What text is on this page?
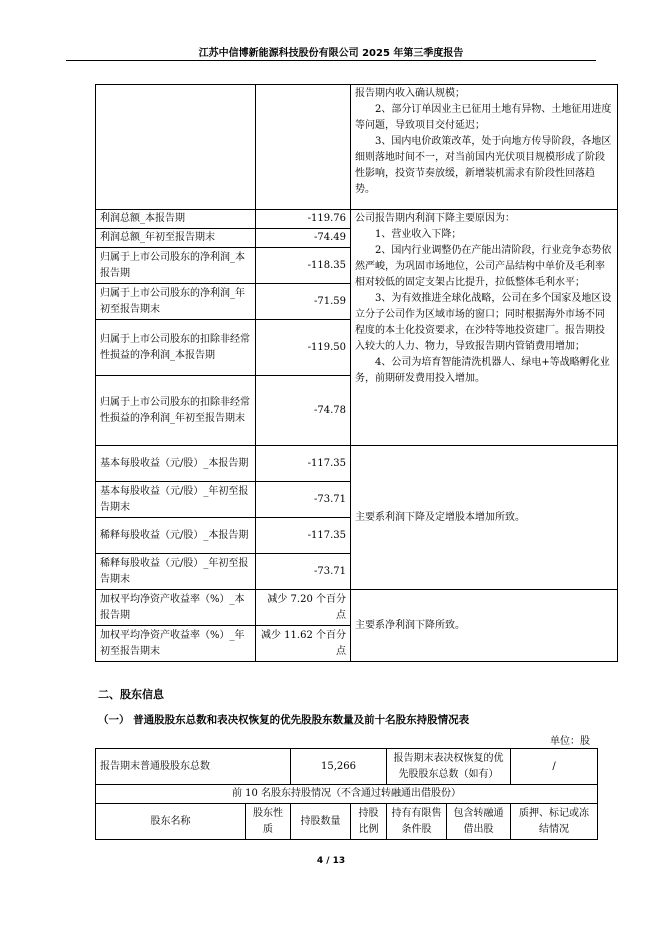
江苏中信博新能源科技股份有限公司 2025 年第三季度报告

		报告期内收入确认规模；
2、部分订单因业主已征用土地有异物、土地征用进度等问题，导致项目交付延迟；
3、国内电价政策改革，处于向地方传导阶段，各地区细则落地时间不一，对当前国内光伏项目规模形成了阶段性影响，投资节奏放缓，新增装机需求有阶段性回落趋势。

利润总额_本报告期	-119.76	公司报告期内利润下降主要原因为：
1、营业收入下降；
2、国内行业调整仍在产能出清阶段，行业竞争态势依然严峻，为巩固市场地位，公司产品结构中单价及毛利率相对较低的固定支架占比提升，拉低整体毛利水平；
3、为有效推进全球化战略，公司在多个国家及地区设立分子公司作为区域市场的窗口；同时根据海外市场不同程度的本土化投资要求，在沙特等地投资建厂。报告期投入较大的人力、物力，导致报告期内管销费用增加；
4、公司为培育智能清洗机器人、绿电+等战略孵化业务，前期研发费用投入增加。

利润总额_年初至报告期末	-74.49	
归属于上市公司股东的净利润_本报告期	-118.35	
归属于上市公司股东的净利润_年初至报告期末	-71.59	
归属于上市公司股东的扣除非经常性损益的净利润_本报告期	-119.50	
归属于上市公司股东的扣除非经常性损益的净利润_年初至报告期末	-74.78	
基本每股收益（元/股）_本报告期	-117.35	主要系利润下降及定增股本增加所致。
基本每股收益（元/股）_年初至报告期末	-73.71	
稀释每股收益（元/股）_本报告期	-117.35	
稀释每股收益（元/股）_年初至报告期末	-73.71	
加权平均净资产收益率（%）_本报告期	减少 7.20 个百分点	主要系净利润下降所致。
加权平均净资产收益率（%）_年初至报告期末	减少 11.62 个百分点	
二、股东信息
（一） 普通股股东总数和表决权恢复的优先股股东数量及前十名股东持股情况表
单位：股
报告期末普通股股东总数		15,266		报告期末表决权恢复的优先股股东总数（如有）		/
前 10 名股东持股情况（不含通过转融通出借股份）						
股东名称	股东性质	持股数量	持股比例	持有有限售条件股	包含转融通借出股	质押、标记或冻结情况
4 / 13
